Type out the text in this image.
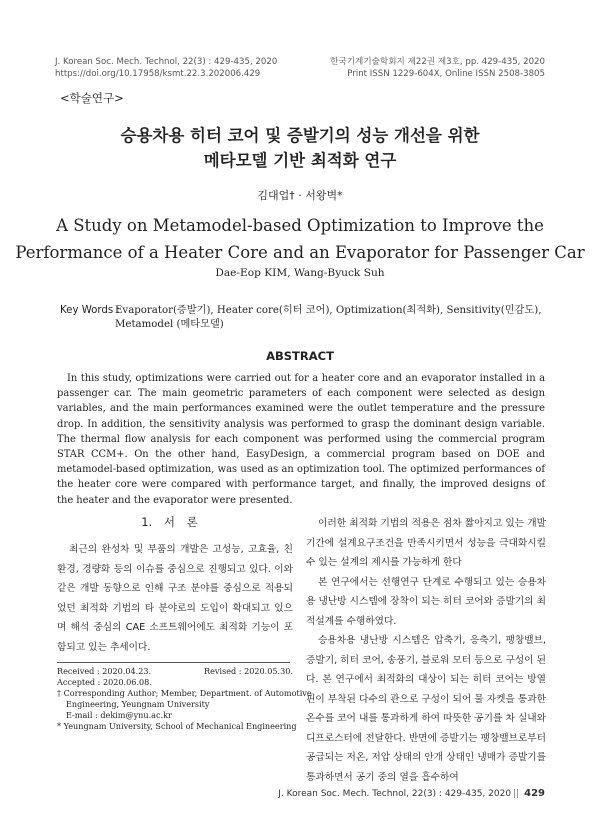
J. Korean Soc. Mech. Technol, 22(3) : 429-435, 2020
https://doi.org/10.17958/ksmt.22.3.202006.429
한국기계기술학회지 제22권 제3호, pp. 429-435, 2020
Print ISSN 1229-604X, Online ISSN 2508-3805
<학술연구>
승용차용 히터 코어 및 증발기의 성능 개선을 위한
메타모델 기반 최적화 연구
김대업† · 서왕벽*
A Study on Metamodel-based Optimization to Improve the
Performance of a Heater Core and an Evaporator for Passenger Car
Dae-Eop KIM, Wang-Byuck Suh
Key Words :
Evaporator(증발기), Heater core(히터 코어), Optimization(최적화), Sensitivity(민감도), Metamodel (메타모델)
ABSTRACT

In this study, optimizations were carried out for a heater core and an evaporator installed in a passenger car. The main geometric parameters of each component were selected as design variables, and the main performances examined were the outlet temperature and the pressure drop. In addition, the sensitivity analysis was performed to grasp the dominant design variable. The thermal flow analysis for each component was performed using the commercial program STAR CCM+. On the other hand, EasyDesign, a commercial program based on DOE and metamodel-based optimization, was used as an optimization tool. The optimized performances of the heater core were compared with performance target, and finally, the improved designs of the heater and the evaporator were presented.

1. 서 론

최근의 완성차 및 부품의 개발은 고성능, 고효율, 친환경, 경량화 등의 이슈를 중심으로 진행되고 있다. 이와 같은 개발 동향으로 인해 구조 분야를 중심으로 적용되었던 최적화 기법의 타 분야로의 도입이 확대되고 있으며 해석 중심의 CAE 소프트웨어에도 최적화 기능이 포함되고 있는 추세이다.

이러한 최적화 기법의 적용은 점차 짧아지고 있는 개발기간에 설계요구조건을 만족시키면서 성능을 극대화시킬 수 있는 설계의 제시를 가능하게 한다

본 연구에서는 선행연구 단계로 수행되고 있는 승용차용 냉난방 시스템에 장착이 되는 히터 코어와 증발기의 최적설계를 수행하였다.

승용차용 냉난방 시스템은 압축기, 응축기, 팽창밸브, 증발기, 히터 코어, 송풍기, 블로워 모터 등으로 구성이 된다. 본 연구에서 최적화의 대상이 되는 히터 코어는 방열 핀이 부착된 다수의 관으로 구성이 되어 물 자켓을 통과한 온수를 코어 내를 통과하게 하여 따뜻한 공기를 차 실내와 디프로스터에 전달한다. 반면에 증발기는 팽창밸브로부터 공급되는 저온, 저압 상태의 안개 상태인 냉매가 증발기를 통과하면서 공기 중의 열을 흡수하여

Received : 2020.04.23.	Revised : 2020.05.30.
Accepted : 2020.06.08.
† Corresponding Author; Member, Department. of Automotive
Engineering, Yeungnam University
E-mail : dekim@ynu.ac.kr
* Yeungnam University, School of Mechanical Engineering
J. Korean Soc. Mech. Technol, 22(3) : 429-435, 2020 || 429
